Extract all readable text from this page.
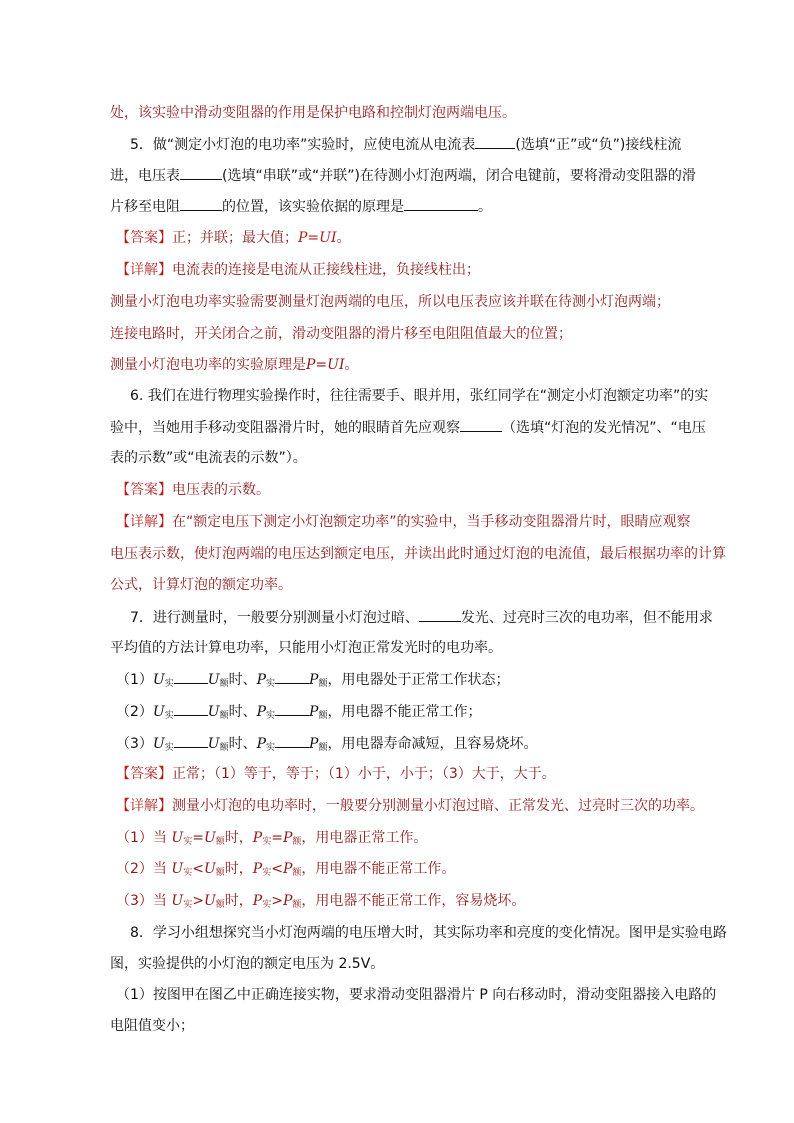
处，该实验中滑动变阻器的作用是保护电路和控制灯泡两端电压。
5．做“测定小灯泡的电功率”实验时，应使电流从电流表	(选填“正”或“负”)接线柱流
进，电压表	(选填“串联”或“并联”)在待测小灯泡两端，闭合电键前，要将滑动变阻器的滑
片移至电阻	的位置，该实验依据的原理是	。
【答案】正；并联；最大值；P=UI。
【详解】电流表的连接是电流从正接线柱进，负接线柱出；
测量小灯泡电功率实验需要测量灯泡两端的电压，所以电压表应该并联在待测小灯泡两端；
连接电路时，开关闭合之前，滑动变阻器的滑片移至电阻阻值最大的位置；
测量小灯泡电功率的实验原理是P=UI。
6. 我们在进行物理实验操作时，往往需要手、眼并用，张红同学在“测定小灯泡额定功率”的实
验中，当她用手移动变阻器滑片时，她的眼睛首先应观察	（选填“灯泡的发光情况”、“电压
表的示数”或“电流表的示数”）。
【答案】电压表的示数。
【详解】在“额定电压下测定小灯泡额定功率”的实验中，当手移动变阻器滑片时，眼睛应观察
电压表示数，使灯泡两端的电压达到额定电压，并读出此时通过灯泡的电流值，最后根据功率的计算
公式，计算灯泡的额定功率。
7．进行测量时，一般要分别测量小灯泡过暗、	发光、过亮时三次的电功率，但不能用求
平均值的方法计算电功率，只能用小灯泡正常发光时的电功率。
$(1)U_实$ $U_额$时、$P_实$ $P_额$，用电器处于正常工作状态；
$(2)U_实$ $U_额$时、$P_实$ $P_额$，用电器不能正常工作；
$(3)U_实$ $U_额$时、$P_实$ $P_额$，用电器寿命减短，且容易烧坏。
【答案】正常；（1）等于，等于；（1）小于，小于；（3）大于，大于。
【详解】测量小灯泡的电功率时，一般要分别测量小灯泡过暗、正常发光、过亮时三次的功率。
（1）当 $U_实=U_额$时，$P_实=P_额$，用电器正常工作。
（2）当 $U_实<U_额$时，$P_实<P_额$，用电器不能正常工作。
（3）当 $U_实>U_额$时，$P_实>P_额$，用电器不能正常工作，容易烧坏。
8．学习小组想探究当小灯泡两端的电压增大时，其实际功率和亮度的变化情况。图甲是实验电路
图，实验提供的小灯泡的额定电压为 2.5V。
（1）按图甲在图乙中正确连接实物，要求滑动变阻器滑片 P 向右移动时，滑动变阻器接入电路的
电阻值变小；
